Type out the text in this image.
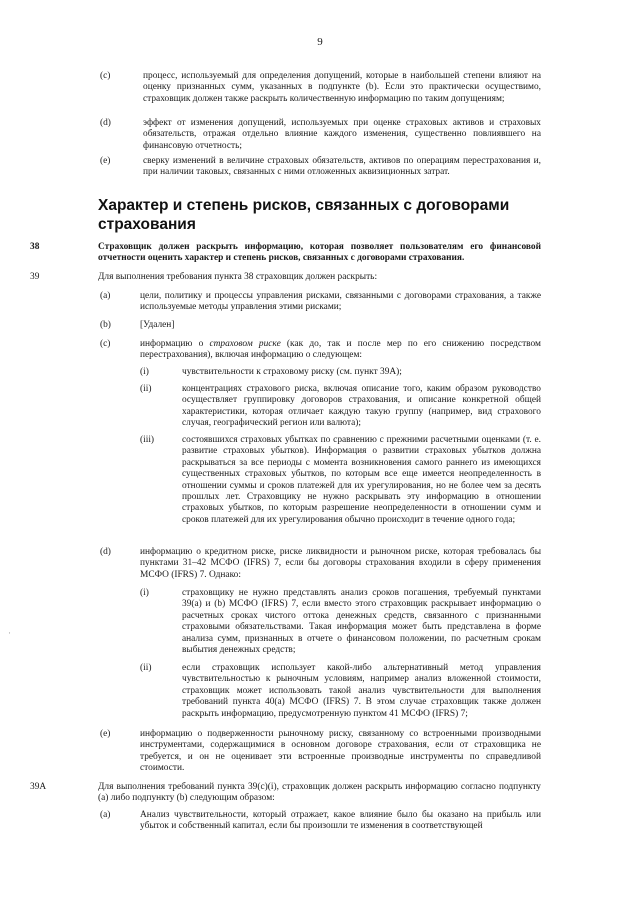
9
(c)	процесс, используемый для определения допущений, которые в наибольшей степени влияют на оценку признанных сумм, указанных в подпункте (b). Если это практически осуществимо, страховщик должен также раскрыть количественную информацию по таким допущениям;
(d)	эффект от изменения допущений, используемых при оценке страховых активов и страховых обязательств, отражая отдельно влияние каждого изменения, существенно повлиявшего на финансовую отчетность;
(e)	сверку изменений в величине страховых обязательств, активов по операциям перестрахования и, при наличии таковых, связанных с ними отложенных аквизиционных затрат.
Характер и степень рисков, связанных с договорами страхования
38	Страховщик должен раскрыть информацию, которая позволяет пользователям его финансовой отчетности оценить характер и степень рисков, связанных с договорами страхования.
39	Для выполнения требования пункта 38 страховщик должен раскрыть:
(a)	цели, политику и процессы управления рисками, связанными с договорами страхования, а также используемые методы управления этими рисками;
(b)	[Удален]
(c)	информацию о страховом риске (как до, так и после мер по его снижению посредством перестрахования), включая информацию о следующем:
(i)	чувствительности к страховому риску (см. пункт 39A);
(ii)	концентрациях страхового риска, включая описание того, каким образом руководство осуществляет группировку договоров страхования, и описание конкретной общей характеристики, которая отличает каждую такую группу (например, вид страхового случая, географический регион или валюта);
(iii)	состоявшихся страховых убытках по сравнению с прежними расчетными оценками (т. е. развитие страховых убытков). Информация о развитии страховых убытков должна раскрываться за все периоды с момента возникновения самого раннего из имеющихся существенных страховых убытков, по которым все еще имеется неопределенность в отношении суммы и сроков платежей для их урегулирования, но не более чем за десять прошлых лет. Страховщику не нужно раскрывать эту информацию в отношении страховых убытков, по которым разрешение неопределенности в отношении сумм и сроков платежей для их урегулирования обычно происходит в течение одного года;
(d)	информацию о кредитном риске, риске ликвидности и рыночном риске, которая требовалась бы пунктами 31–42 МСФО (IFRS) 7, если бы договоры страхования входили в сферу применения МСФО (IFRS) 7. Однако:
(i)	страховщику не нужно представлять анализ сроков погашения, требуемый пунктами 39(a) и (b) МСФО (IFRS) 7, если вместо этого страховщик раскрывает информацию о расчетных сроках чистого оттока денежных средств, связанного с признанными страховыми обязательствами. Такая информация может быть представлена в форме анализа сумм, признанных в отчете о финансовом положении, по расчетным срокам выбытия денежных средств;
(ii)	если страховщик использует какой-либо альтернативный метод управления чувствительностью к рыночным условиям, например анализ вложенной стоимости, страховщик может использовать такой анализ чувствительности для выполнения требований пункта 40(a) МСФО (IFRS) 7. В этом случае страховщик также должен раскрыть информацию, предусмотренную пунктом 41 МСФО (IFRS) 7;
(e)	информацию о подверженности рыночному риску, связанному со встроенными производными инструментами, содержащимися в основном договоре страхования, если от страховщика не требуется, и он не оценивает эти встроенные производные инструменты по справедливой стоимости.
39A	Для выполнения требований пункта 39(c)(i), страховщик должен раскрыть информацию согласно подпункту (a) либо подпункту (b) следующим образом:
(a)	Анализ чувствительности, который отражает, какое влияние было бы оказано на прибыль или убыток и собственный капитал, если бы произошли те изменения в соответствующей
·
